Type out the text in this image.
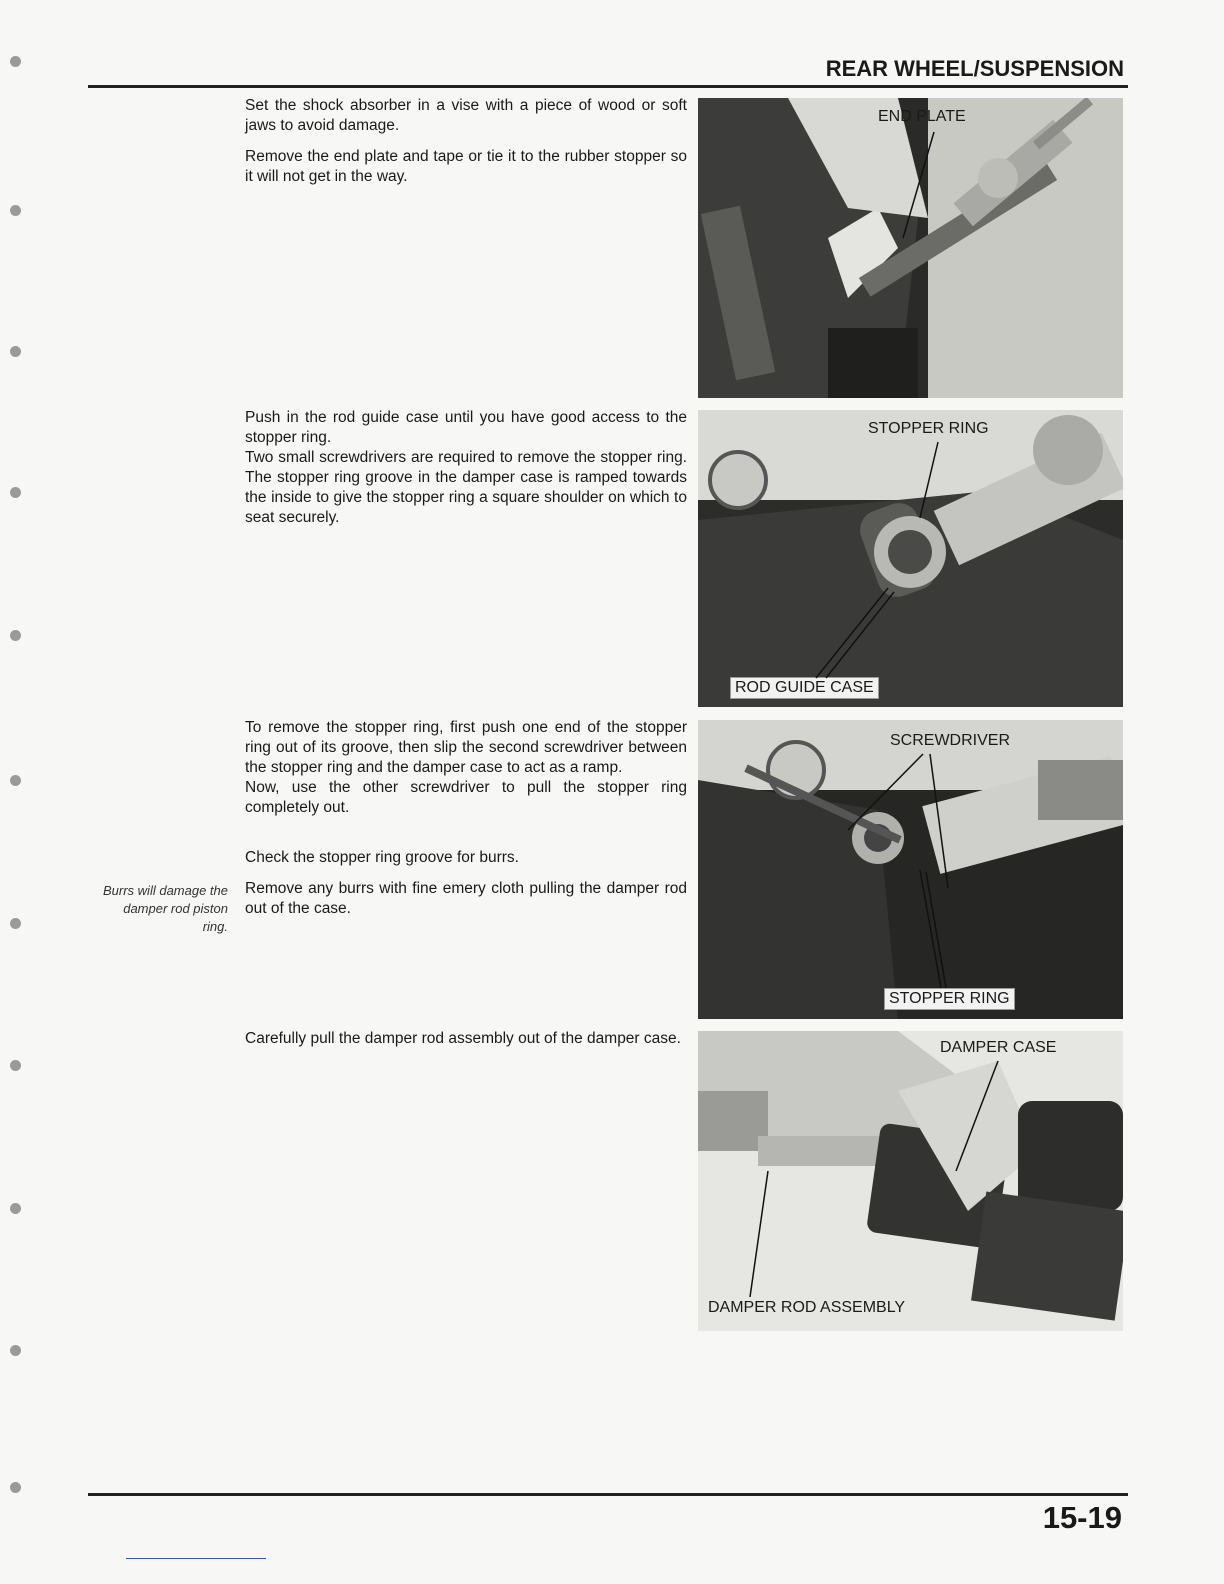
REAR WHEEL/SUSPENSION

Set the shock absorber in a vise with a piece of wood or soft jaws to avoid damage.

Remove the end plate and tape or tie it to the rubber stopper so it will not get in the way.

END PLATE

Push in the rod guide case until you have good access to the stopper ring.
Two small screwdrivers are required to remove the stopper ring. The stopper ring groove in the damper case is ramped towards the inside to give the stopper ring a square shoulder on which to seat securely.

STOPPER RING
ROD GUIDE CASE

To remove the stopper ring, first push one end of the stopper ring out of its groove, then slip the second screwdriver between the stopper ring and the damper case to act as a ramp.
Now, use the other screwdriver to pull the stopper ring completely out.

Check the stopper ring groove for burrs.

Remove any burrs with fine emery cloth pulling the damper rod out of the case.

Burrs will damage the damper rod piston ring.
SCREWDRIVER
STOPPER RING

Carefully pull the damper rod assembly out of the damper case.

DAMPER CASE
DAMPER ROD ASSEMBLY
15-19
